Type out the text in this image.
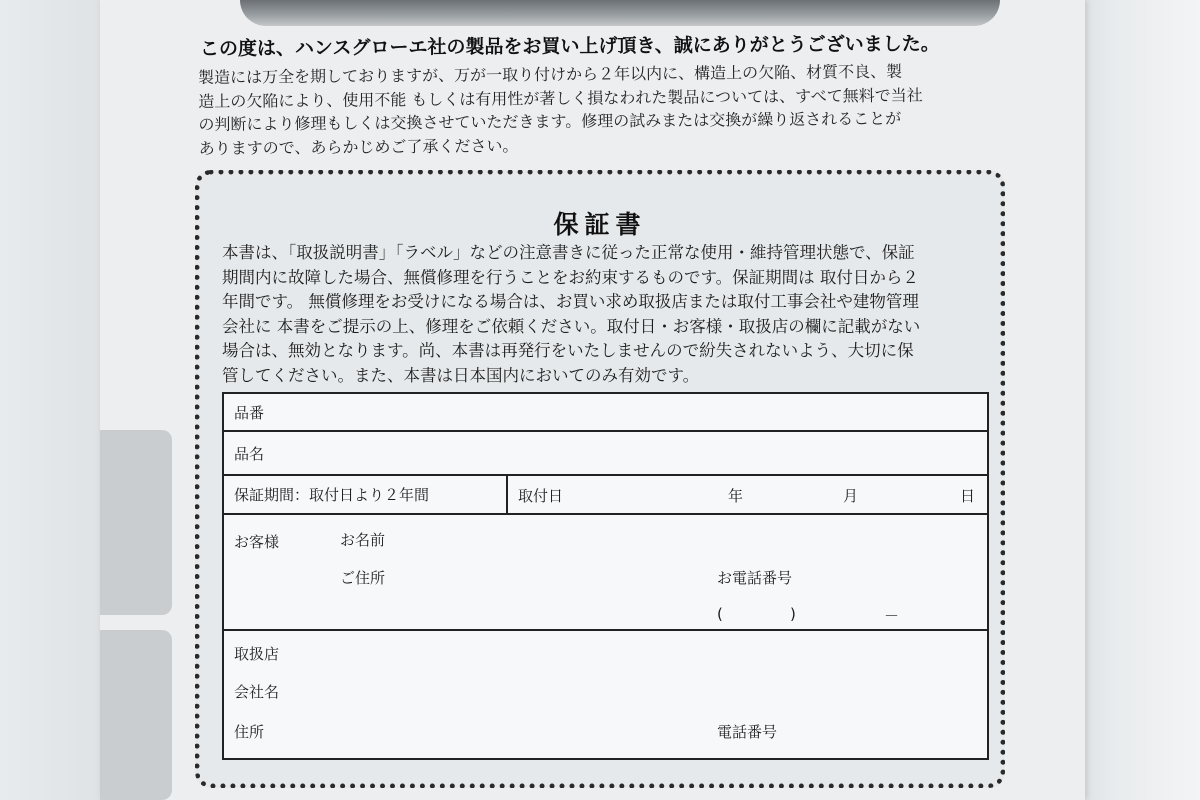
この度は、ハンスグローエ社の製品をお買い上げ頂き、誠にありがとうございました。
製造には万全を期しておりますが、万が一取り付けから２年以内に、構造上の欠陥、材質不良、製
造上の欠陥により、使用不能 もしくは有用性が著しく損なわれた製品については、すべて無料で当社
の判断により修理もしくは交換させていただきます。修理の試みまたは交換が繰り返されることが
ありますので、あらかじめご了承ください。
保証書
本書は、「取扱説明書」「ラベル」などの注意書きに従った正常な使用・維持管理状態で、保証
期間内に故障した場合、無償修理を行うことをお約束するものです。保証期間は 取付日から２
年間です。 無償修理をお受けになる場合は、お買い求め取扱店または取付工事会社や建物管理
会社に 本書をご提示の上、修理をご依頼ください。取付日・お客様・取扱店の欄に記載がない
場合は、無効となります。尚、本書は再発行をいたしませんので紛失されないよう、大切に保
管してください。また、本書は日本国内においてのみ有効です。
品番
品名
保証期間：取付日より２年間	取付日	年	月	日

お客様	お名前
ご住所	お電話番号
(	)	－

取扱店
会社名
住所	電話番号
